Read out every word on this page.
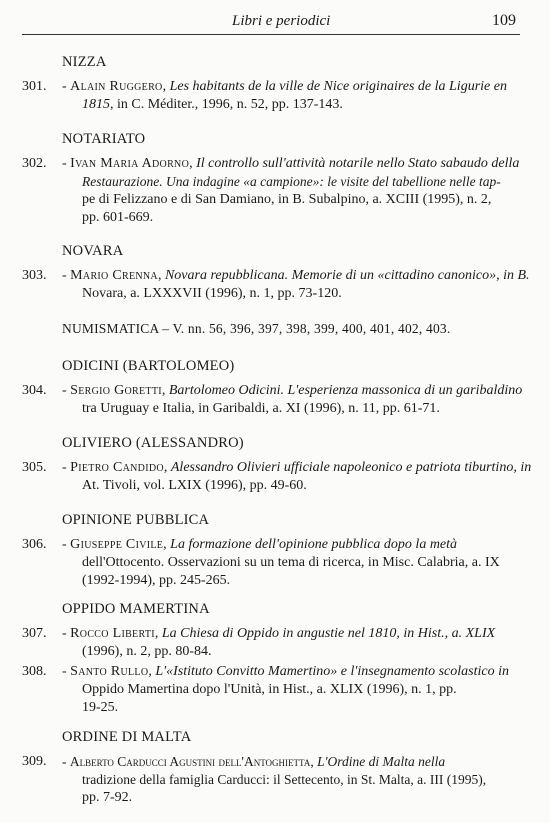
Libri e periodici	109
NIZZA
301. - Alain Ruggero, Les habitants de la ville de Nice originaires de la Ligurie en
1815, in C. Méditer., 1996, n. 52, pp. 137-143.
NOTARIATO
302. - Ivan Maria Adorno, Il controllo sull'attività notarile nello Stato sabaudo della
Restaurazione. Una indagine «a campione»: le visite del tabellione nelle tap-
pe di Felizzano e di San Damiano, in B. Subalpino, a. XCIII (1995), n. 2,
pp. 601-669.
NOVARA
303. - Mario Crenna, Novara repubblicana. Memorie di un «cittadino canonico», in B.
Novara, a. LXXXVII (1996), n. 1, pp. 73-120.
NUMISMATICA – V. nn. 56, 396, 397, 398, 399, 400, 401, 402, 403.
ODICINI (BARTOLOMEO)
304. - Sergio Goretti, Bartolomeo Odicini. L'esperienza massonica di un garibaldino
tra Uruguay e Italia, in Garibaldi, a. XI (1996), n. 11, pp. 61-71.
OLIVIERO (ALESSANDRO)
305. - Pietro Candido, Alessandro Olivieri ufficiale napoleonico e patriota tiburtino, in
At. Tivoli, vol. LXIX (1996), pp. 49-60.
OPINIONE PUBBLICA
306. - Giuseppe Civile, La formazione dell'opinione pubblica dopo la metà
dell'Ottocento. Osservazioni su un tema di ricerca, in Misc. Calabria, a. IX
(1992-1994), pp. 245-265.
OPPIDO MAMERTINA
307. - Rocco Liberti, La Chiesa di Oppido in angustie nel 1810, in Hist., a. XLIX
(1996), n. 2, pp. 80-84.
308. - Santo Rullo, L'«Istituto Convitto Mamertino» e l'insegnamento scolastico in
Oppido Mamertina dopo l'Unità, in Hist., a. XLIX (1996), n. 1, pp.
19-25.
ORDINE DI MALTA
309. - Alberto Carducci Agustini dell'Antoghietta, L'Ordine di Malta nella
tradizione della famiglia Carducci: il Settecento, in St. Malta, a. III (1995),
pp. 7-92.
